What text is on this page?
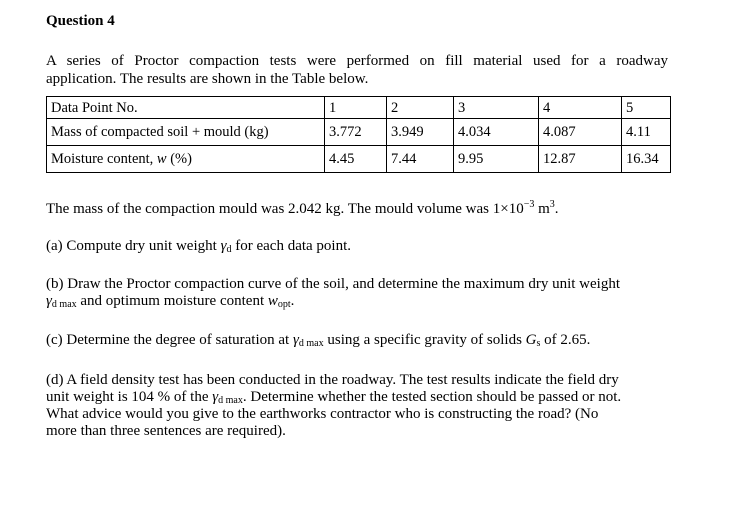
Question 4
A series of Proctor compaction tests were performed on fill material used for a roadway
application. The results are shown in the Table below.
Data Point No.	1	2	3	4	5
Mass of compacted soil + mould (kg)	3.772	3.949	4.034	4.087	4.11
Moisture content, w (%)	4.45	7.44	9.95	12.87	16.34
The mass of the compaction mould was 2.042 kg. The mould volume was $1\times 10^{-3}$ $m^3$.
(a) Compute dry unit weight $\gamma_d$ for each data point.
(b) Draw the Proctor compaction curve of the soil, and determine the maximum dry unit weight
$\gamma_{d max}$ and optimum moisture content $w_{opt}$.
(c) Determine the degree of saturation at $\gamma_{d max}$ using a specific gravity of solids $G_s$ of 2.65.
(d) A field density test has been conducted in the roadway. The test results indicate the field dry
unit weight is 104 % of the $\gamma_{d max}$. Determine whether the tested section should be passed or not.
What advice would you give to the earthworks contractor who is constructing the road? (No
more than three sentences are required).
